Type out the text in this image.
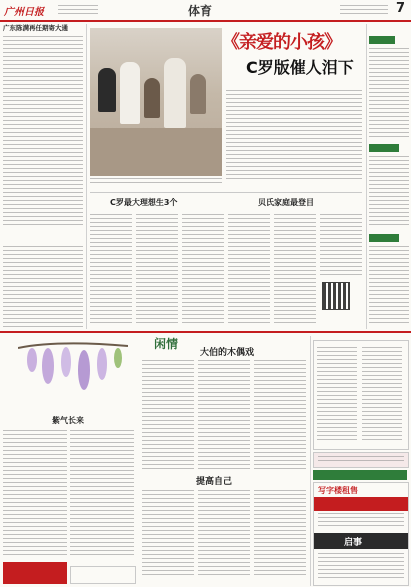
广州日报	体育	7
广东陈满再任期寄大通
《亲爱的小孩》
C罗版催人泪下
C罗最大理想生3个	贝氏家庭最登目
闲情
紫气长来
大伯的木偶戏
提高自己
写字楼租售
启事
